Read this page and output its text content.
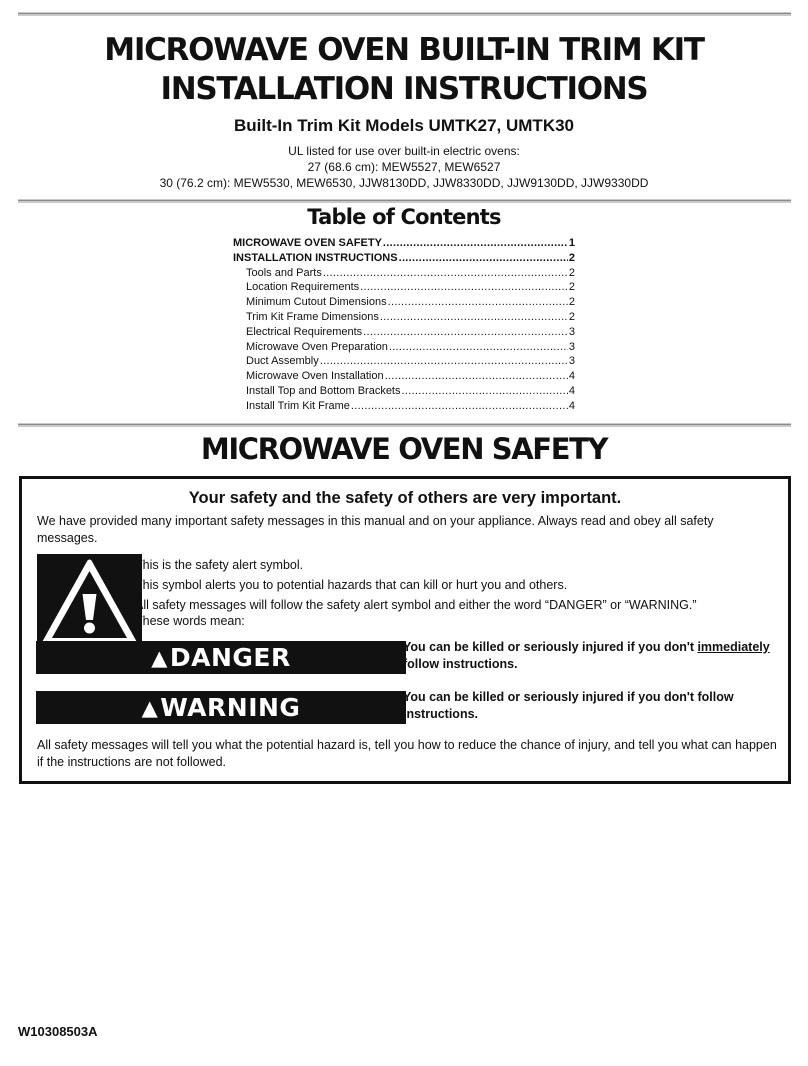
MICROWAVE OVEN BUILT-IN TRIM KIT
INSTALLATION INSTRUCTIONS
Built-In Trim Kit Models UMTK27, UMTK30
UL listed for use over built-in electric ovens:
27 (68.6 cm): MEW5527, MEW6527
30 (76.2 cm): MEW5530, MEW6530, JJW8130DD, JJW8330DD, JJW9130DD, JJW9330DD
Table of Contents
MICROWAVE OVEN SAFETY .....	1
INSTALLATION INSTRUCTIONS .....	2
Tools and Parts .....	2
Location Requirements .....	2
Minimum Cutout Dimensions .....	2
Trim Kit Frame Dimensions .....	2
Electrical Requirements .....	3
Microwave Oven Preparation .....	3
Duct Assembly .....	3
Microwave Oven Installation .....	4
Install Top and Bottom Brackets .....	4
Install Trim Kit Frame .....	4
MICROWAVE OVEN SAFETY
Your safety and the safety of others are very important.

We have provided many important safety messages in this manual and on your appliance. Always read and obey all safety messages.

This is the safety alert symbol.

This symbol alerts you to potential hazards that can kill or hurt you and others.

All safety messages will follow the safety alert symbol and either the word “DANGER” or “WARNING.”

These words mean:

▲ DANGER	You can be killed or seriously injured if you don't immediately
follow instructions.

▲ WARNING	You can be killed or seriously injured if you don't follow instructions.

All safety messages will tell you what the potential hazard is, tell you how to reduce the chance of injury, and tell you what can happen if the instructions are not followed.

W10308503A
